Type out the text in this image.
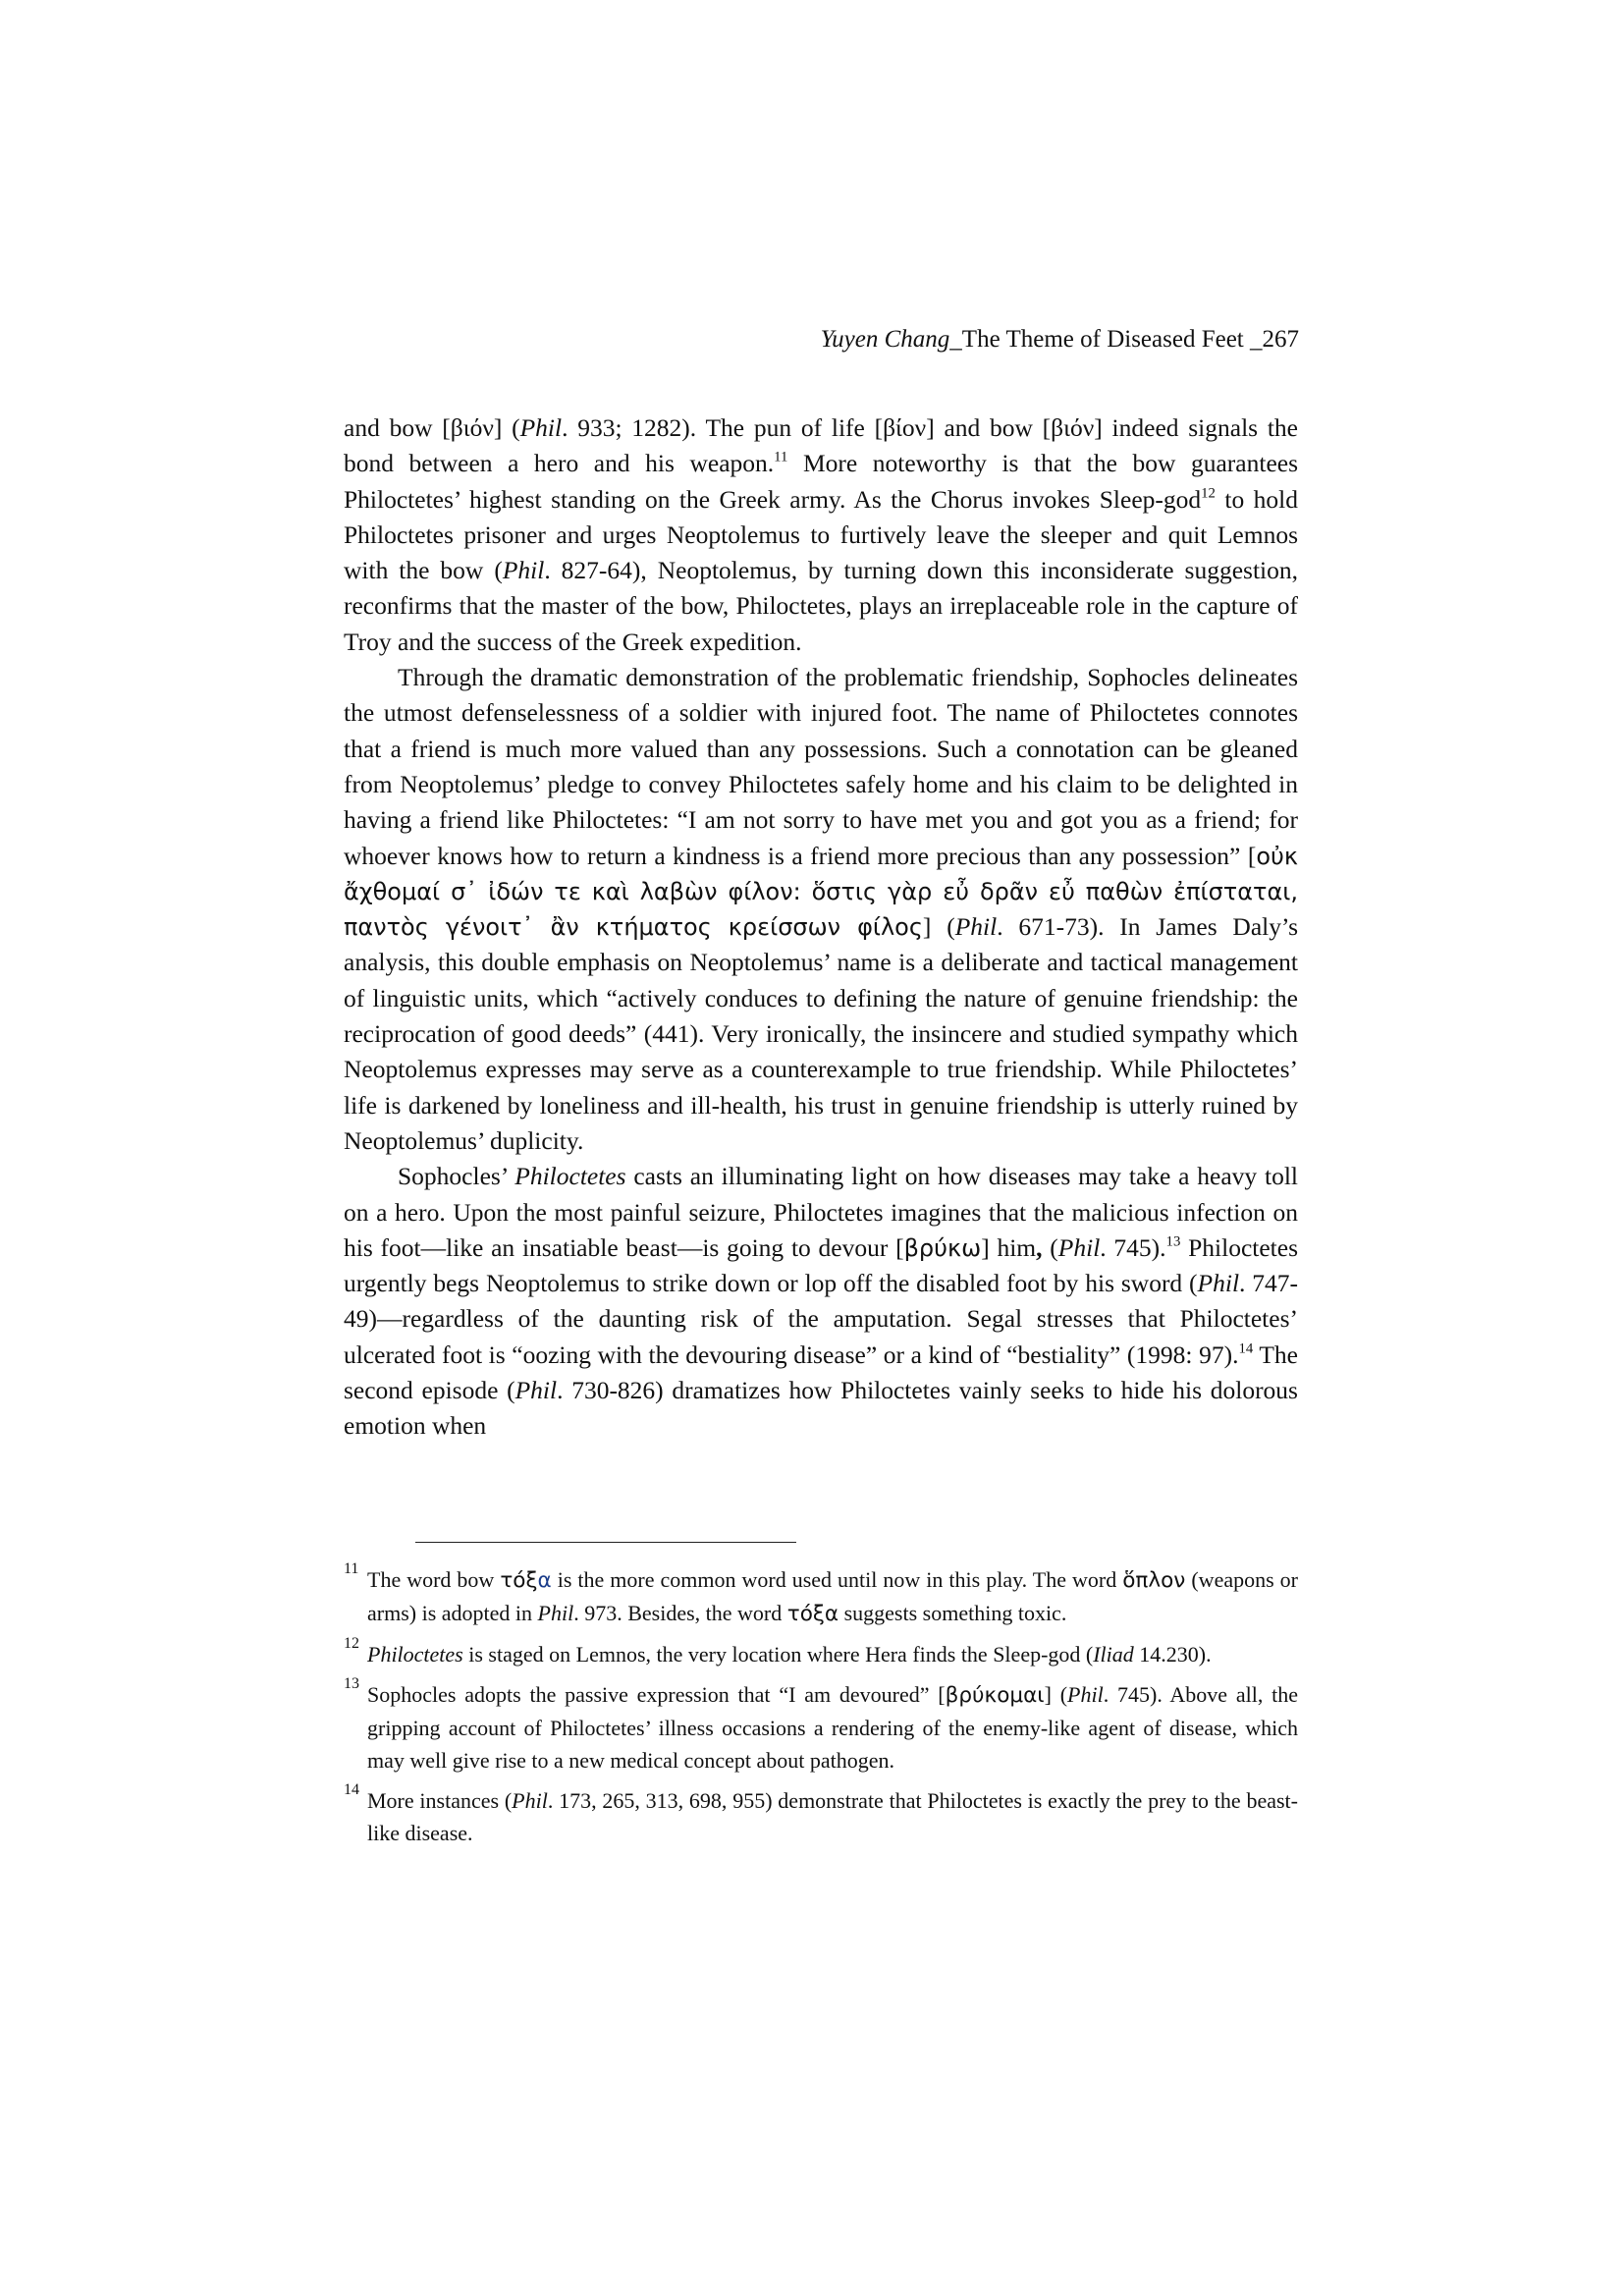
Yuyen Chang_The Theme of Diseased Feet _267

and bow [βιόν] (Phil. 933; 1282). The pun of life [βίον] and bow [βιόν] indeed signals the bond between a hero and his weapon.$^{11}$ More noteworthy is that the bow guarantees Philoctetes’ highest standing on the Greek army. As the Chorus invokes Sleep-god$^{12}$ to hold Philoctetes prisoner and urges Neoptolemus to furtively leave the sleeper and quit Lemnos with the bow (Phil. 827-64), Neoptolemus, by turning down this inconsiderate suggestion, reconfirms that the master of the bow, Philoctetes, plays an irreplaceable role in the capture of Troy and the success of the Greek expedition.

Through the dramatic demonstration of the problematic friendship, Sophocles delineates the utmost defenselessness of a soldier with injured foot. The name of Philoctetes connotes that a friend is much more valued than any possessions. Such a connotation can be gleaned from Neoptolemus’ pledge to convey Philoctetes safely home and his claim to be delighted in having a friend like Philoctetes: “I am not sorry to have met you and got you as a friend; for whoever knows how to return a kindness is a friend more precious than any possession” [οὐκ ἄχθομαί σ᾽ ἰδών τε καὶ λαβὼν φίλον: ὅστις γὰρ εὖ δρᾶν εὖ παθὼν ἐπίσταται, παντὸς γένοιτ᾽ ἂν κτήματος κρείσσων φίλος] (Phil. 671-73). In James Daly’s analysis, this double emphasis on Neoptolemus’ name is a deliberate and tactical management of linguistic units, which “actively conduces to defining the nature of genuine friendship: the reciprocation of good deeds” (441). Very ironically, the insincere and studied sympathy which Neoptolemus expresses may serve as a counterexample to true friendship. While Philoctetes’ life is darkened by loneliness and ill-health, his trust in genuine friendship is utterly ruined by Neoptolemus’ duplicity.

Sophocles’ Philoctetes casts an illuminating light on how diseases may take a heavy toll on a hero. Upon the most painful seizure, Philoctetes imagines that the malicious infection on his foot—like an insatiable beast—is going to devour [βρύκω] him, (Phil. 745).$^{13}$ Philoctetes urgently begs Neoptolemus to strike down or lop off the disabled foot by his sword (Phil. 747-49)—regardless of the daunting risk of the amputation. Segal stresses that Philoctetes’ ulcerated foot is “oozing with the devouring disease” or a kind of “bestiality” (1998: 97).$^{14}$ The second episode (Phil. 730-826) dramatizes how Philoctetes vainly seeks to hide his dolorous emotion when

11 The word bow τόξα is the more common word used until now in this play. The word ὅπλον (weapons or arms) is adopted in Phil. 973. Besides, the word τόξα suggests something toxic.
12 Philoctetes is staged on Lemnos, the very location where Hera finds the Sleep-god (Iliad 14.230).
13 Sophocles adopts the passive expression that “I am devoured” [βρύκομαι] (Phil. 745). Above all, the gripping account of Philoctetes’ illness occasions a rendering of the enemy-like agent of disease, which may well give rise to a new medical concept about pathogen.
14 More instances (Phil. 173, 265, 313, 698, 955) demonstrate that Philoctetes is exactly the prey to the beast-like disease.
